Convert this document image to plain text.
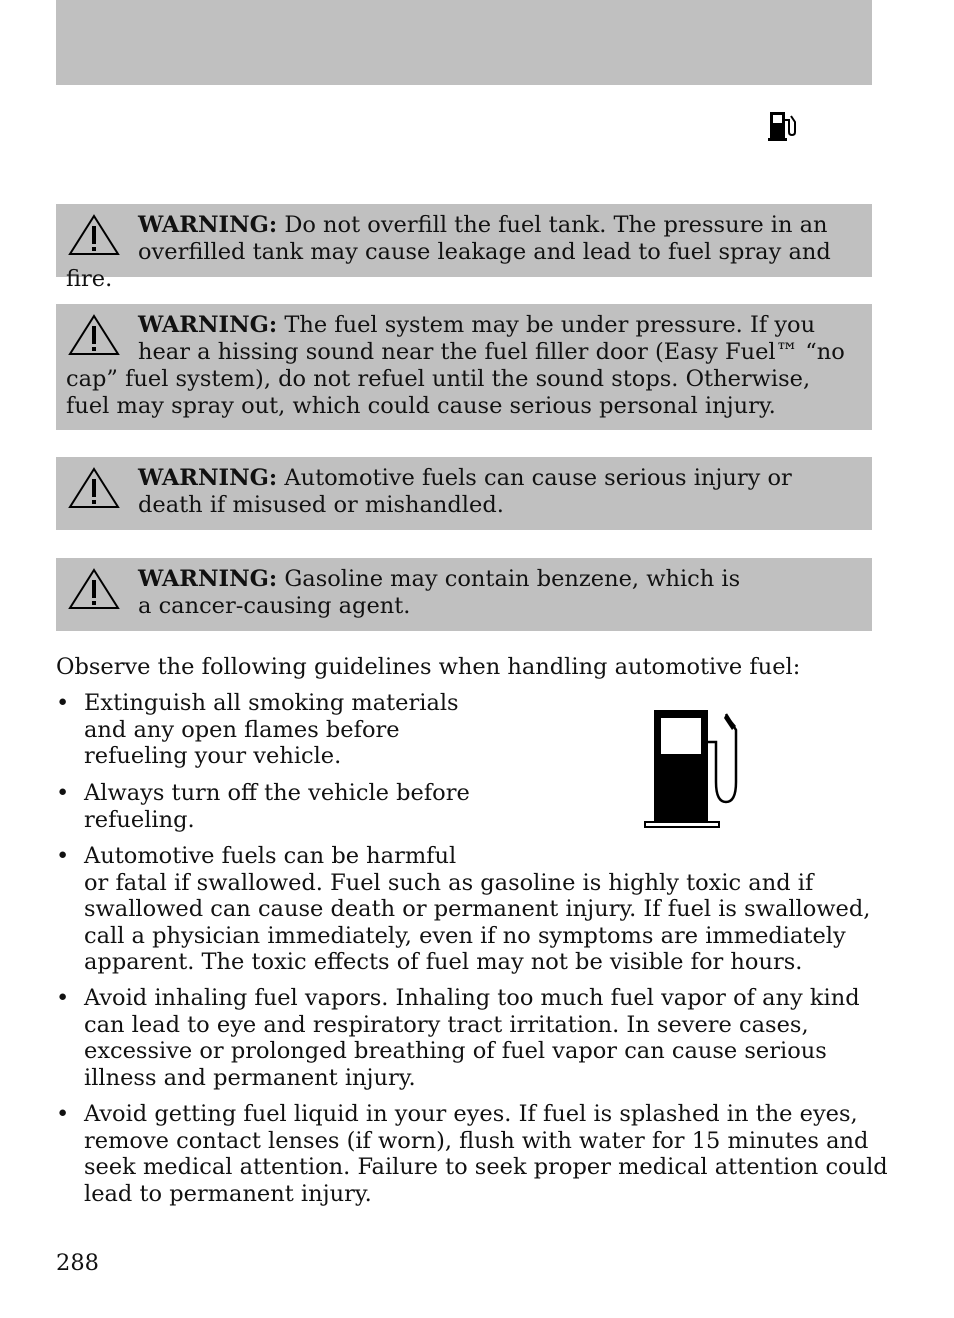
WARNING: Do not overfill the fuel tank. The pressure in an overfilled tank may cause leakage and lead to fuel spray and fire.
WARNING: The fuel system may be under pressure. If you hear a hissing sound near the fuel filler door (Easy Fuel™ “no cap” fuel system), do not refuel until the sound stops. Otherwise, fuel may spray out, which could cause serious personal injury.
WARNING: Automotive fuels can cause serious injury or death if misused or mishandled.
WARNING: Gasoline may contain benzene, which is a cancer-causing agent.
Observe the following guidelines when handling automotive fuel:
• Extinguish all smoking materials
and any open flames before
refueling your vehicle.
• Always turn off the vehicle before
refueling.
• Automotive fuels can be harmful
or fatal if swallowed. Fuel such as gasoline is highly toxic and if
swallowed can cause death or permanent injury. If fuel is swallowed,
call a physician immediately, even if no symptoms are immediately
apparent. The toxic effects of fuel may not be visible for hours.
• Avoid inhaling fuel vapors. Inhaling too much fuel vapor of any kind
can lead to eye and respiratory tract irritation. In severe cases,
excessive or prolonged breathing of fuel vapor can cause serious
illness and permanent injury.
• Avoid getting fuel liquid in your eyes. If fuel is splashed in the eyes,
remove contact lenses (if worn), flush with water for 15 minutes and
seek medical attention. Failure to seek proper medical attention could
lead to permanent injury.
288
